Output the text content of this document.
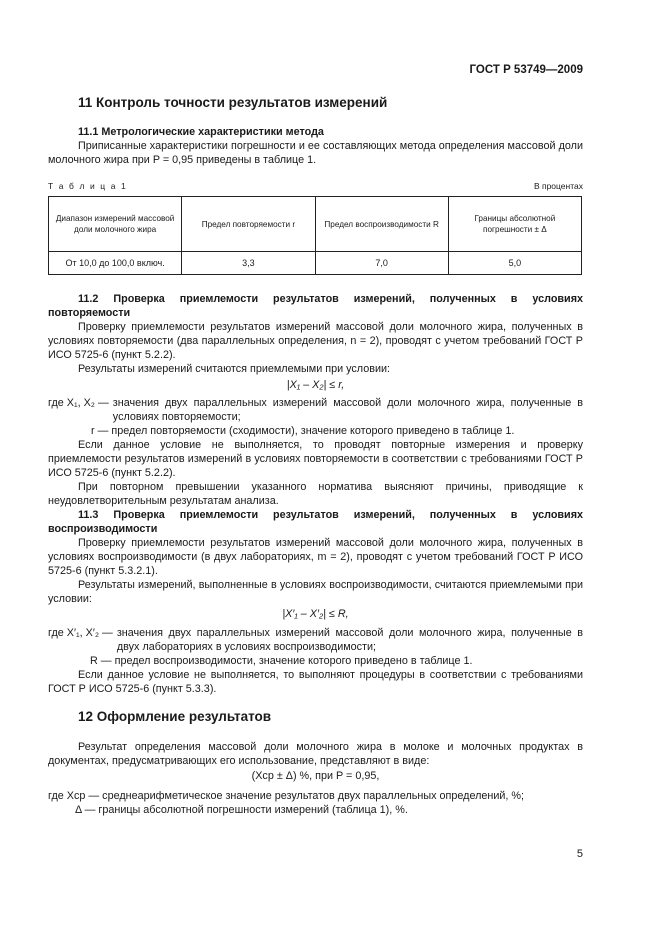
ГОСТ Р 53749—2009
11 Контроль точности результатов измерений
11.1 Метрологические характеристики метода
Приписанные характеристики погрешности и ее составляющих метода определения массовой доли молочного жира при P = 0,95 приведены в таблице 1.
Т а б л и ц а 1	В процентах
Диапазон измерений массовой доли молочного жира	Предел повторяемости r	Предел воспроизводимости R	Границы абсолютной погрешности ± Δ
От 10,0 до 100,0 включ.	3,3	7,0	5,0
11.2 Проверка приемлемости результатов измерений, полученных в условиях повторяемости
Проверку приемлемости результатов измерений массовой доли молочного жира, полученных в условиях повторяемости (два параллельных определения, n = 2), проводят с учетом требований ГОСТ Р ИСО 5725-6 (пункт 5.2.2).
Результаты измерений считаются приемлемыми при условии:
|X₁ – X₂| ≤ r,
где X₁, X₂ — значения двух параллельных измерений массовой доли молочного жира, полученные в условиях повторяемости;
r — предел повторяемости (сходимости), значение которого приведено в таблице 1.
Если данное условие не выполняется, то проводят повторные измерения и проверку приемлемости результатов измерений в условиях повторяемости в соответствии с требованиями ГОСТ Р ИСО 5725-6 (пункт 5.2.2).
При повторном превышении указанного норматива выясняют причины, приводящие к неудовлетворительным результатам анализа.
11.3 Проверка приемлемости результатов измерений, полученных в условиях воспроизводимости
Проверку приемлемости результатов измерений массовой доли молочного жира, полученных в условиях воспроизводимости (в двух лабораториях, m = 2), проводят с учетом требований ГОСТ Р ИСО 5725-6 (пункт 5.3.2.1).
Результаты измерений, выполненные в условиях воспроизводимости, считаются приемлемыми при условии:
|X′₁ – X′₂| ≤ R,
где X′₁, X′₂ — значения двух параллельных измерений массовой доли молочного жира, полученные в двух лабораториях в условиях воспроизводимости;
R — предел воспроизводимости, значение которого приведено в таблице 1.
Если данное условие не выполняется, то выполняют процедуры в соответствии с требованиями ГОСТ Р ИСО 5725-6 (пункт 5.3.3).
12 Оформление результатов
Результат определения массовой доли молочного жира в молоке и молочных продуктах в документах, предусматривающих его использование, представляют в виде:
(Xср ± Δ) %, при P = 0,95,
где Xср — среднеарифметическое значение результатов двух параллельных определений, %;
Δ — границы абсолютной погрешности измерений (таблица 1), %.
5
